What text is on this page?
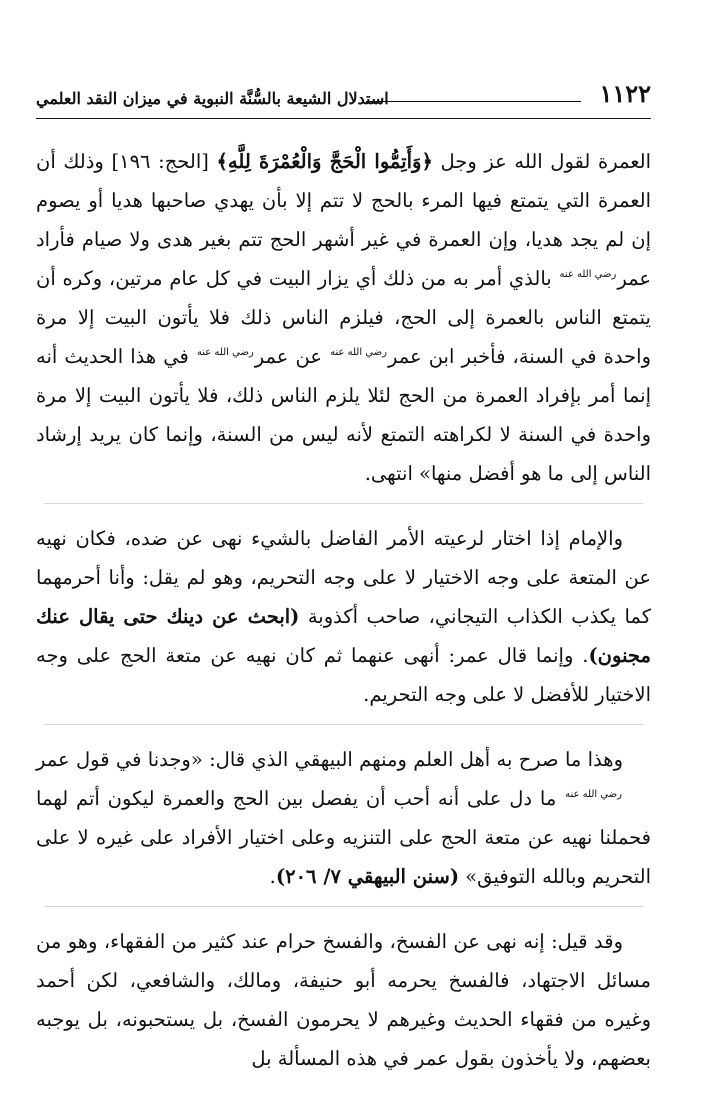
١١٢٢
استدلال الشيعة بالسُّنَّة النبوية في ميزان النقد العلمي

العمرة لقول الله عز وجل ﴿وَأَتِمُّوا الْحَجَّ وَالْعُمْرَةَ لِلَّهِ﴾ [الحج: ١٩٦] وذلك أن العمرة التي يتمتع فيها المرء بالحج لا تتم إلا بأن يهدي صاحبها هديا أو يصوم إن لم يجد هديا، وإن العمرة في غير أشهر الحج تتم بغير هدى ولا صيام فأراد عمررضي الله عنه بالذي أمر به من ذلك أي يزار البيت في كل عام مرتين، وكره أن يتمتع الناس بالعمرة إلى الحج، فيلزم الناس ذلك فلا يأتون البيت إلا مرة واحدة في السنة، فأخبر ابن عمررضي الله عنه عن عمررضي الله عنه في هذا الحديث أنه إنما أمر بإفراد العمرة من الحج لئلا يلزم الناس ذلك، فلا يأتون البيت إلا مرة واحدة في السنة لا لكراهته التمتع لأنه ليس من السنة، وإنما كان يريد إرشاد الناس إلى ما هو أفضل منها» انتهى.

والإمام إذا اختار لرعيته الأمر الفاضل بالشيء نهى عن ضده، فكان نهيه عن المتعة على وجه الاختيار لا على وجه التحريم، وهو لم يقل: وأنا أحرمهما كما يكذب الكذاب التيجاني، صاحب أكذوبة (ابحث عن دينك حتى يقال عنك مجنون). وإنما قال عمر: أنهى عنهما ثم كان نهيه عن متعة الحج على وجه الاختيار للأفضل لا على وجه التحريم.

وهذا ما صرح به أهل العلم ومنهم البيهقي الذي قال: «وجدنا في قول عمررضي الله عنه ما دل على أنه أحب أن يفصل بين الحج والعمرة ليكون أتم لهما فحملنا نهيه عن متعة الحج على التنزيه وعلى اختيار الأفراد على غيره لا على التحريم وبالله التوفيق» (سنن البيهقي ٧/ ٢٠٦).

وقد قيل: إنه نهى عن الفسخ، والفسخ حرام عند كثير من الفقهاء، وهو من مسائل الاجتهاد، فالفسخ يحرمه أبو حنيفة، ومالك، والشافعي، لكن أحمد وغيره من فقهاء الحديث وغيرهم لا يحرمون الفسخ، بل يستحبونه، بل يوجبه بعضهم، ولا يأخذون بقول عمر في هذه المسألة بل
